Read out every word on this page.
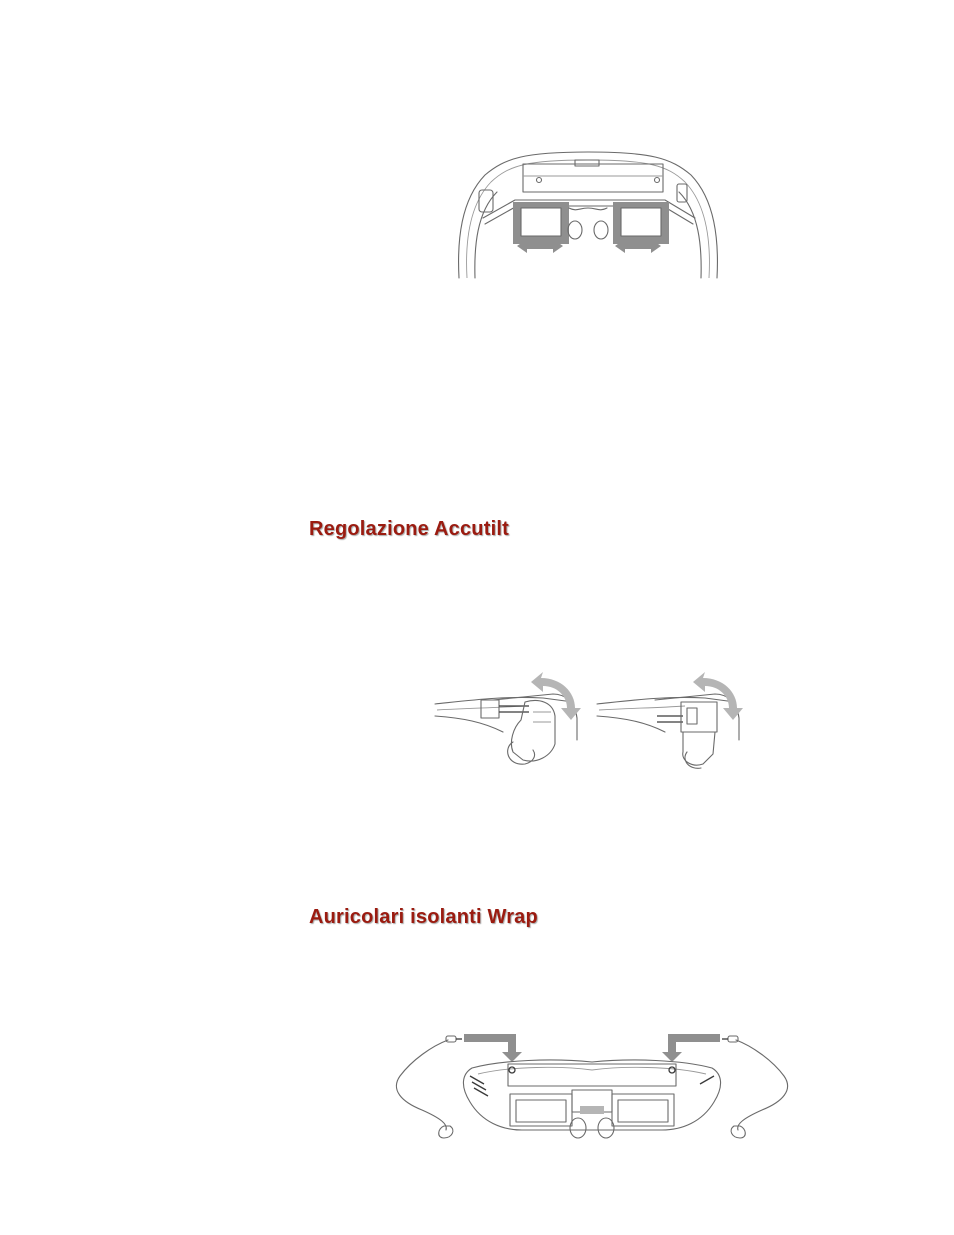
Regolazione Accutilt
Auricolari isolanti Wrap
